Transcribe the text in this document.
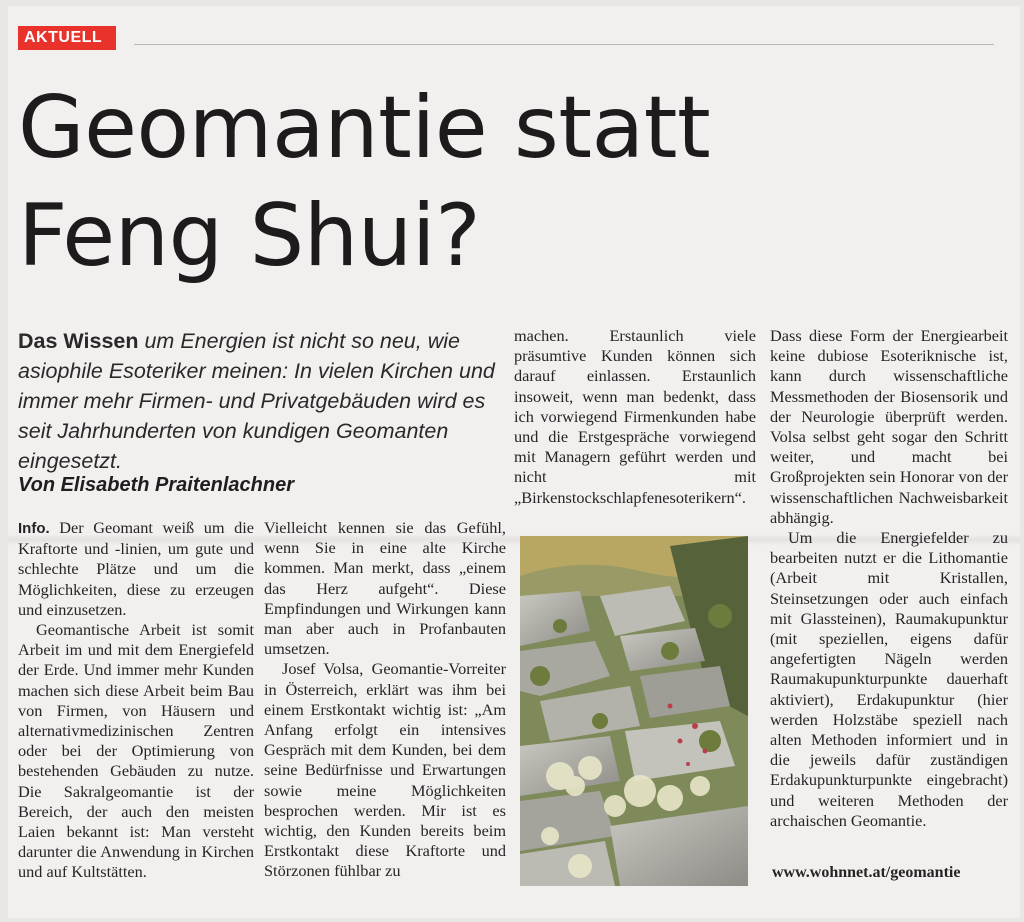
AKTUELL
Geomantie statt
Feng Shui?
Das Wissen um Energien ist nicht so neu, wie asiophile Esoteriker meinen: In vielen Kirchen und immer mehr Firmen- und Privatgebäuden wird es seit Jahrhunderten von kundigen Geomanten eingesetzt.
Von Elisabeth Praitenlachner

Info. Der Geomant weiß um die Kraftorte und -linien, um gute und schlechte Plätze und um die Möglichkeiten, diese zu erzeugen und einzusetzen.

Geomantische Arbeit ist somit Arbeit im und mit dem Energiefeld der Erde. Und immer mehr Kunden machen sich diese Arbeit beim Bau von Firmen, von Häusern und alternativmedizinischen Zentren oder bei der Optimierung von bestehenden Gebäuden zu nutze. Die Sakralgeomantie ist der Bereich, der auch den meisten Laien bekannt ist: Man versteht darunter die Anwendung in Kirchen und auf Kultstätten.

Vielleicht kennen sie das Gefühl, wenn Sie in eine alte Kirche kommen. Man merkt, dass „einem das Herz aufgeht“. Diese Empfindungen und Wirkungen kann man aber auch in Profanbauten umsetzen.

Josef Volsa, Geomantie-Vorreiter in Österreich, erklärt was ihm bei einem Erstkontakt wichtig ist: „Am Anfang erfolgt ein intensives Gespräch mit dem Kunden, bei dem seine Bedürfnisse und Erwartungen sowie meine Möglichkeiten besprochen werden. Mir ist es wichtig, den Kunden bereits beim Erstkontakt diese Kraftorte und Störzonen fühlbar zu

machen. Erstaunlich viele präsumtive Kunden können sich darauf einlassen. Erstaunlich insoweit, wenn man bedenkt, dass ich vorwiegend Firmenkunden habe und die Erstgespräche vorwiegend mit Managern geführt werden und nicht mit „Birkenstockschlapfenesoterikern“.

Dass diese Form der Energiearbeit keine dubiose Esoteriknische ist, kann durch wissenschaftliche Messmethoden der Biosensorik und der Neurologie überprüft werden. Volsa selbst geht sogar den Schritt weiter, und macht bei Großprojekten sein Honorar von der wissenschaftlichen Nachweisbarkeit abhängig.

Um die Energiefelder zu bearbeiten nutzt er die Lithomantie (Arbeit mit Kristallen, Steinsetzungen oder auch einfach mit Glassteinen), Raumakupunktur (mit speziellen, eigens dafür angefertigten Nägeln werden Raumakupunkturpunkte dauerhaft aktiviert), Erdakupunktur (hier werden Holzstäbe speziell nach alten Methoden informiert und in die jeweils dafür zuständigen Erdakupunkturpunkte eingebracht) und weiteren Methoden der archaischen Geomantie.

www.wohnnet.at/geomantie
